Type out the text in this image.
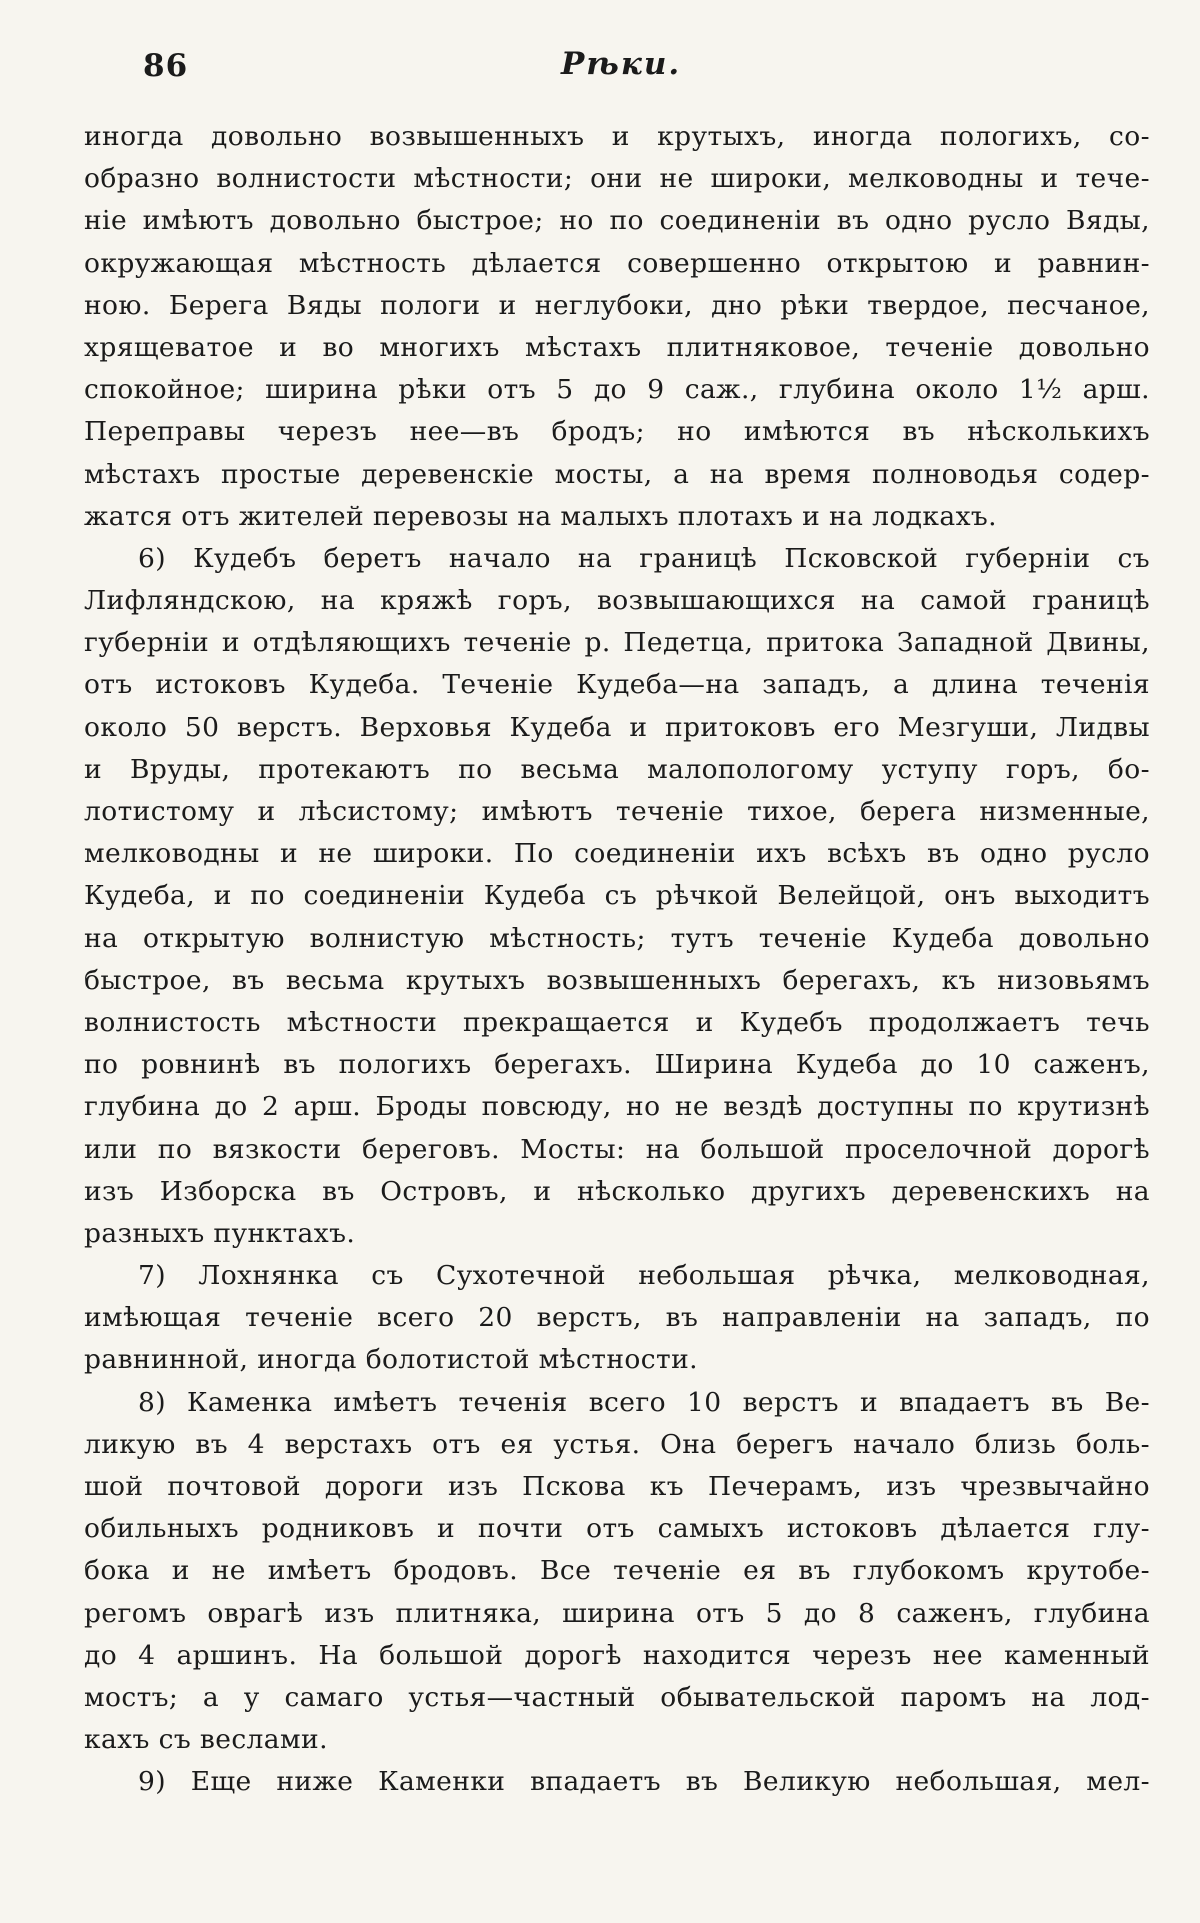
86	Рѣки.
иногда довольно возвышенныхъ и крутыхъ, иногда пологихъ, со-
образно волнистости мѣстности; они не широки, мелководны и тече-
ніе имѣютъ довольно быстрое; но по соединеніи въ одно русло Вяды,
окружающая мѣстность дѣлается совершенно открытою и равнин-
ною. Берега Вяды пологи и неглубоки, дно рѣки твердое, песчаное,
хрящеватое и во многихъ мѣстахъ плитняковое, теченіе довольно
спокойное; ширина рѣки отъ 5 до 9 саж., глубина около 1½ арш.
Переправы черезъ нее—въ бродъ; но имѣются въ нѣсколькихъ
мѣстахъ простые деревенскіе мосты, а на время полноводья содер-
жатся отъ жителей перевозы на малыхъ плотахъ и на лодкахъ.
6) Кудебъ беретъ начало на границѣ Псковской губерніи съ
Лифляндскою, на кряжѣ горъ, возвышающихся на самой границѣ
губерніи и отдѣляющихъ теченіе р. Педетца, притока Западной Двины,
отъ истоковъ Кудеба. Теченіе Кудеба—на западъ, а длина теченія
около 50 верстъ. Верховья Кудеба и притоковъ его Мезгуши, Лидвы
и Вруды, протекаютъ по весьма малопологому уступу горъ, бо-
лотистому и лѣсистому; имѣютъ теченіе тихое, берега низменные,
мелководны и не широки. По соединеніи ихъ всѣхъ въ одно русло
Кудеба, и по соединеніи Кудеба съ рѣчкой Велейцой, онъ выходитъ
на открытую волнистую мѣстность; тутъ теченіе Кудеба довольно
быстрое, въ весьма крутыхъ возвышенныхъ берегахъ, къ низовьямъ
волнистость мѣстности прекращается и Кудебъ продолжаетъ течь
по ровнинѣ въ пологихъ берегахъ. Ширина Кудеба до 10 саженъ,
глубина до 2 арш. Броды повсюду, но не вездѣ доступны по крутизнѣ
или по вязкости береговъ. Мосты: на большой проселочной дорогѣ
изъ Изборска въ Островъ, и нѣсколько другихъ деревенскихъ на
разныхъ пунктахъ.
7) Лохнянка съ Сухотечной небольшая рѣчка, мелководная,
имѣющая теченіе всего 20 верстъ, въ направленіи на западъ, по
равнинной, иногда болотистой мѣстности.
8) Каменка имѣетъ теченія всего 10 верстъ и впадаетъ въ Ве-
ликую въ 4 верстахъ отъ ея устья. Она берегъ начало близь боль-
шой почтовой дороги изъ Пскова къ Печерамъ, изъ чрезвычайно
обильныхъ родниковъ и почти отъ самыхъ истоковъ дѣлается глу-
бока и не имѣетъ бродовъ. Все теченіе ея въ глубокомъ крутобе-
регомъ оврагѣ изъ плитняка, ширина отъ 5 до 8 саженъ, глубина
до 4 аршинъ. На большой дорогѣ находится черезъ нее каменный
мостъ; а у самаго устья—частный обывательской паромъ на лод-
кахъ съ веслами.
9) Еще ниже Каменки впадаетъ въ Великую небольшая, мел-
